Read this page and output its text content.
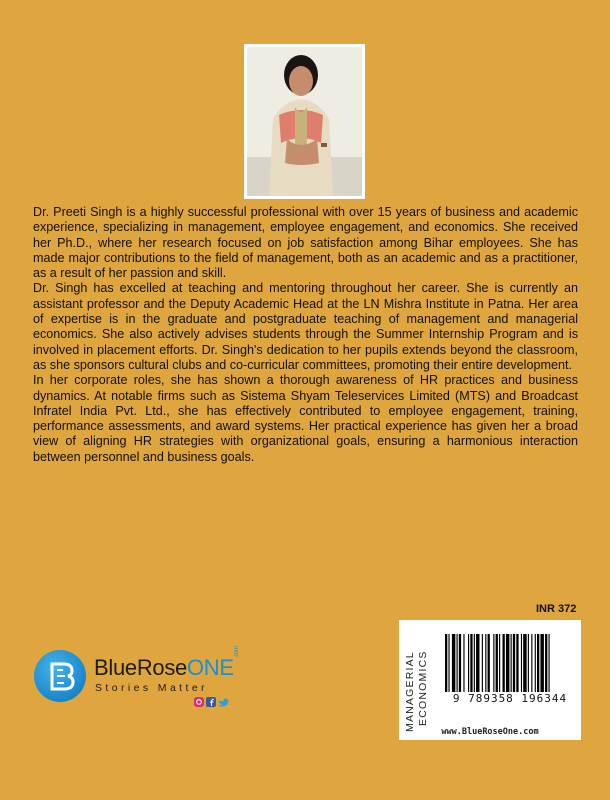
Dr. Preeti Singh is a highly successful professional with over 15 years of business and academic experience, specializing in management, employee engagement, and economics. She received her Ph.D., where her research focused on job satisfaction among Bihar employees. She has made major contributions to the field of management, both as an academic and as a practitioner, as a result of her passion and skill.

Dr. Singh has excelled at teaching and mentoring throughout her career. She is currently an assistant professor and the Deputy Academic Head at the LN Mishra Institute in Patna. Her area of expertise is in the graduate and postgraduate teaching of management and managerial economics. She also actively advises students through the Summer Internship Program and is involved in placement efforts. Dr. Singh's dedication to her pupils extends beyond the classroom, as she sponsors cultural clubs and co-curricular committees, promoting their entire development.

In her corporate roles, she has shown a thorough awareness of HR practices and business dynamics. At notable firms such as Sistema Shyam Teleservices Limited (MTS) and Broadcast Infratel India Pvt. Ltd., she has effectively contributed to employee engagement, training, performance assessments, and award systems. Her practical experience has given her a broad view of aligning HR strategies with organizational goals, ensuring a harmonious interaction between personnel and business goals.

INR 372
MANAGERIAL ECONOMICS	9 789358 196344
www.BlueRoseOne.com
BlueRoseONE
.com
Stories Matter
